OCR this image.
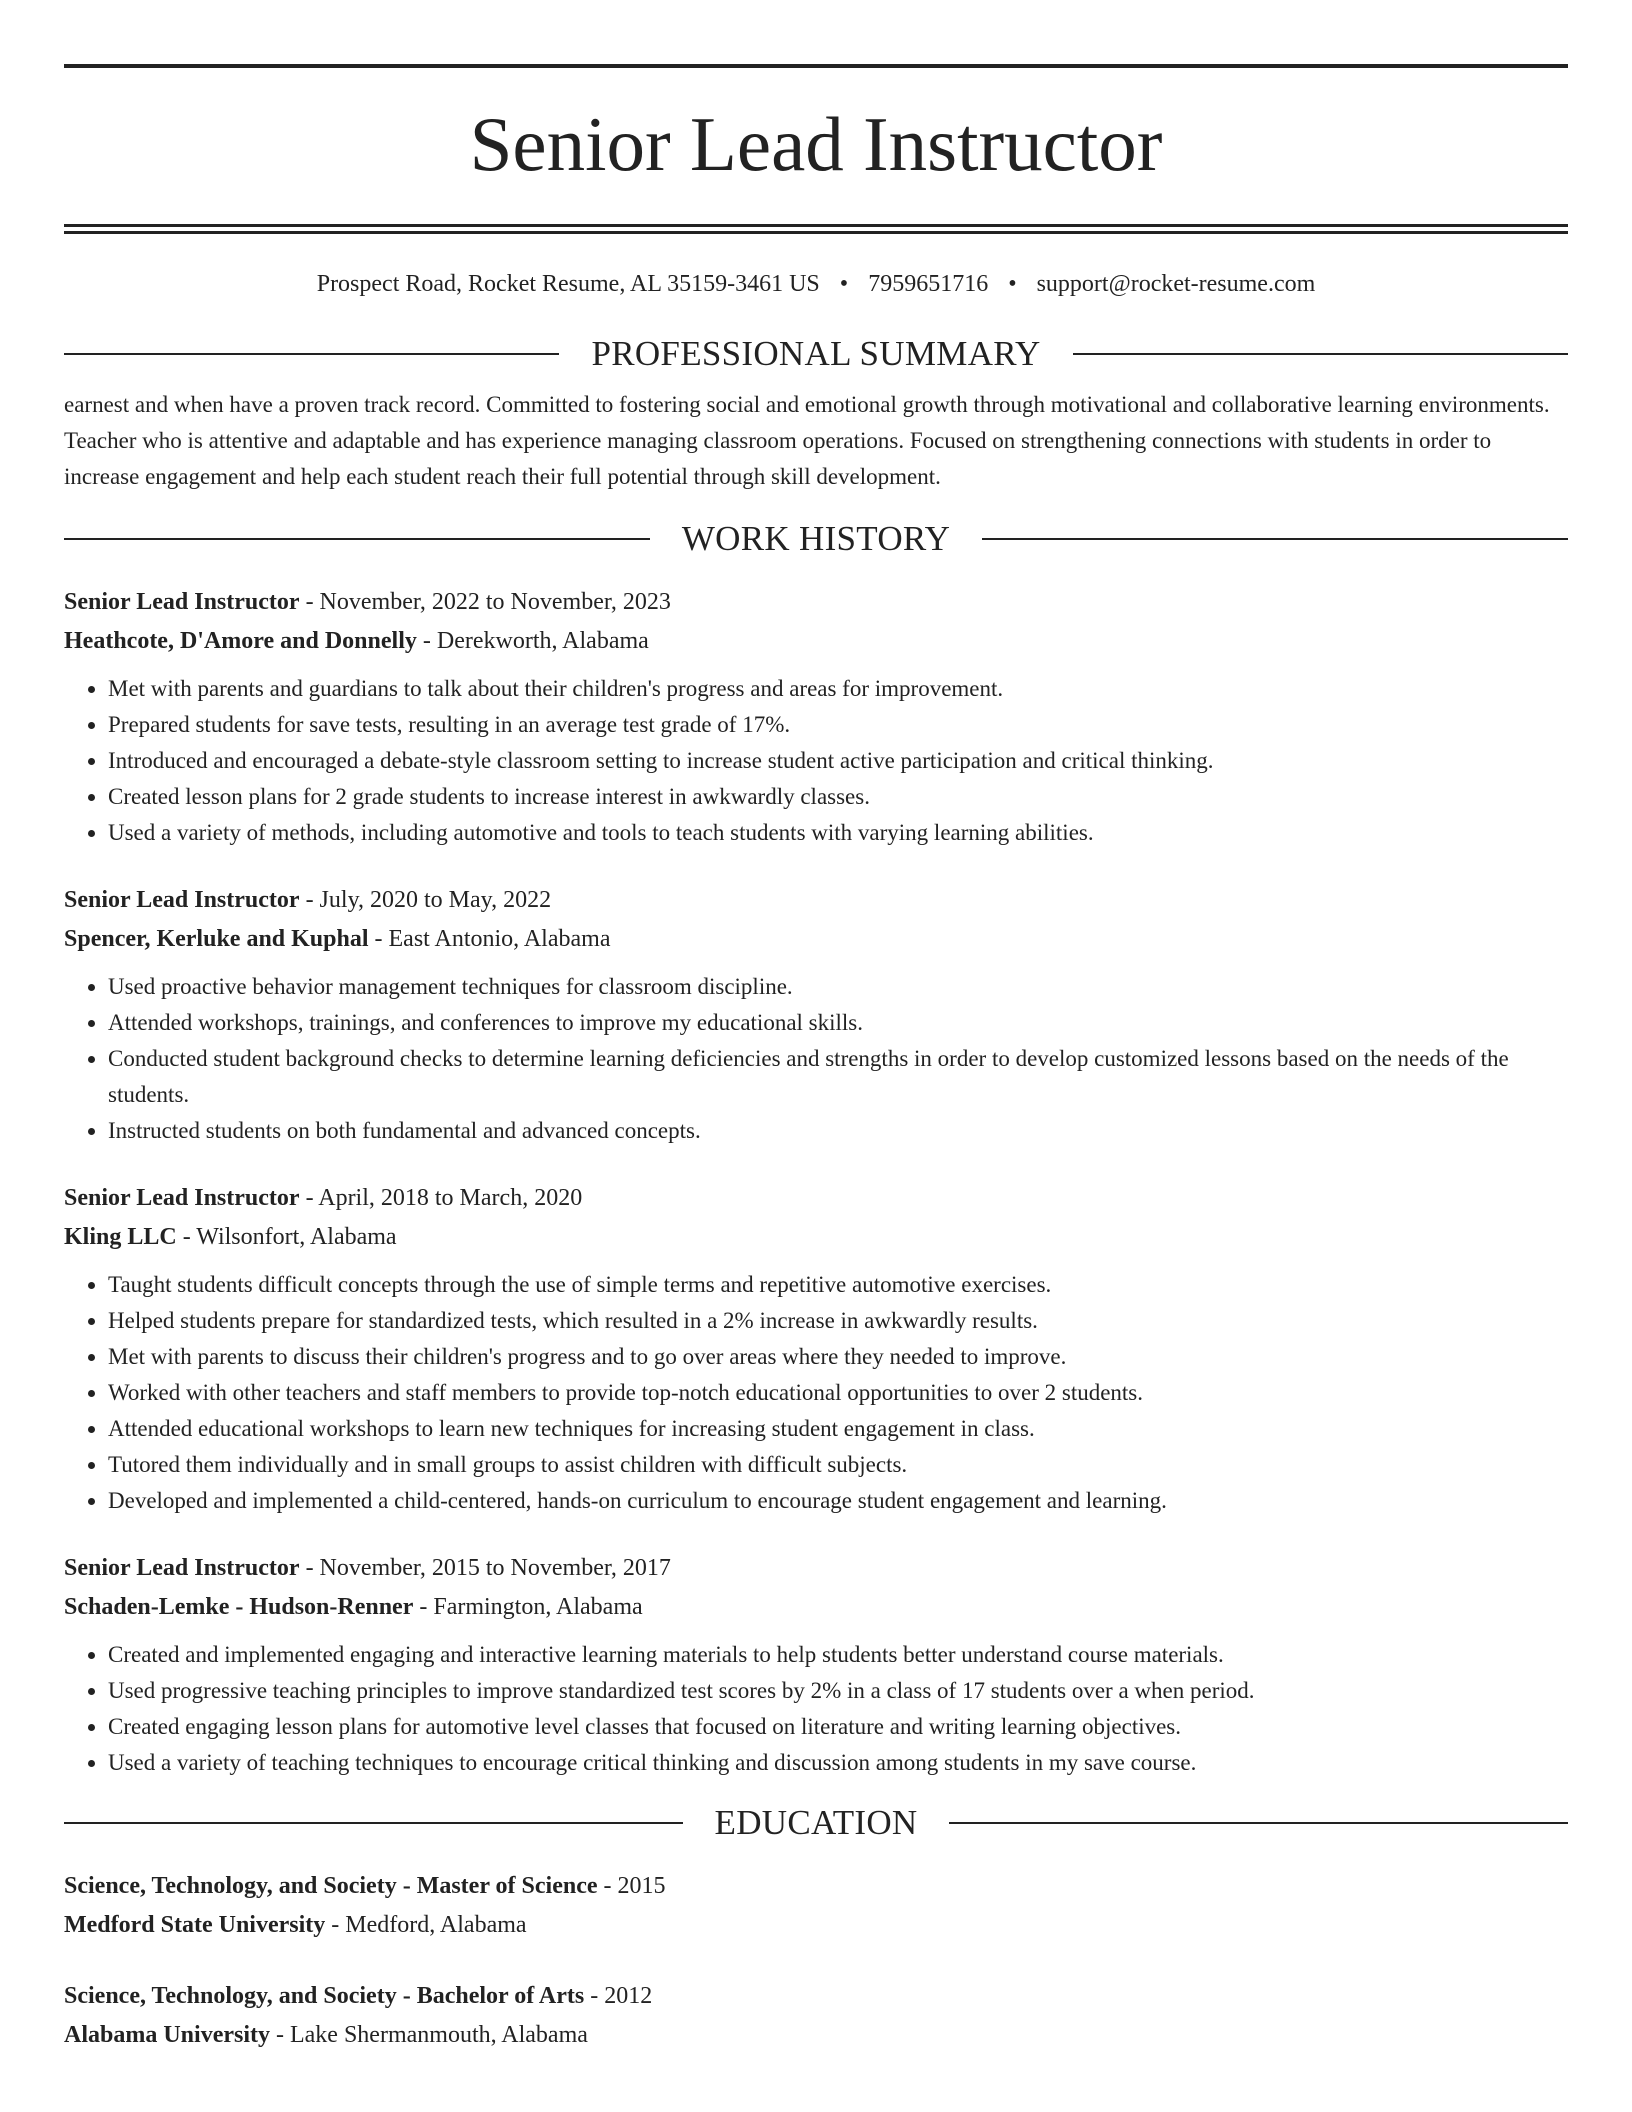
Senior Lead Instructor
Prospect Road, Rocket Resume, AL 35159-3461 US • 7959651716 • support@rocket-resume.com
PROFESSIONAL SUMMARY
earnest and when have a proven track record. Committed to fostering social and emotional growth through motivational and collaborative learning environments. Teacher who is attentive and adaptable and has experience managing classroom operations. Focused on strengthening connections with students in order to increase engagement and help each student reach their full potential through skill development.
WORK HISTORY
Senior Lead Instructor - November, 2022 to November, 2023
Heathcote, D'Amore and Donnelly - Derekworth, Alabama
• Met with parents and guardians to talk about their children's progress and areas for improvement.
• Prepared students for save tests, resulting in an average test grade of 17%.
• Introduced and encouraged a debate-style classroom setting to increase student active participation and critical thinking.
• Created lesson plans for 2 grade students to increase interest in awkwardly classes.
• Used a variety of methods, including automotive and tools to teach students with varying learning abilities.
Senior Lead Instructor - July, 2020 to May, 2022
Spencer, Kerluke and Kuphal - East Antonio, Alabama
• Used proactive behavior management techniques for classroom discipline.
• Attended workshops, trainings, and conferences to improve my educational skills.
• Conducted student background checks to determine learning deficiencies and strengths in order to develop customized lessons based on the needs of the students.
• Instructed students on both fundamental and advanced concepts.
Senior Lead Instructor - April, 2018 to March, 2020
Kling LLC - Wilsonfort, Alabama
• Taught students difficult concepts through the use of simple terms and repetitive automotive exercises.
• Helped students prepare for standardized tests, which resulted in a 2% increase in awkwardly results.
• Met with parents to discuss their children's progress and to go over areas where they needed to improve.
• Worked with other teachers and staff members to provide top-notch educational opportunities to over 2 students.
• Attended educational workshops to learn new techniques for increasing student engagement in class.
• Tutored them individually and in small groups to assist children with difficult subjects.
• Developed and implemented a child-centered, hands-on curriculum to encourage student engagement and learning.
Senior Lead Instructor - November, 2015 to November, 2017
Schaden-Lemke - Hudson-Renner - Farmington, Alabama
• Created and implemented engaging and interactive learning materials to help students better understand course materials.
• Used progressive teaching principles to improve standardized test scores by 2% in a class of 17 students over a when period.
• Created engaging lesson plans for automotive level classes that focused on literature and writing learning objectives.
• Used a variety of teaching techniques to encourage critical thinking and discussion among students in my save course.
EDUCATION
Science, Technology, and Society - Master of Science - 2015
Medford State University - Medford, Alabama
Science, Technology, and Society - Bachelor of Arts - 2012
Alabama University - Lake Shermanmouth, Alabama
